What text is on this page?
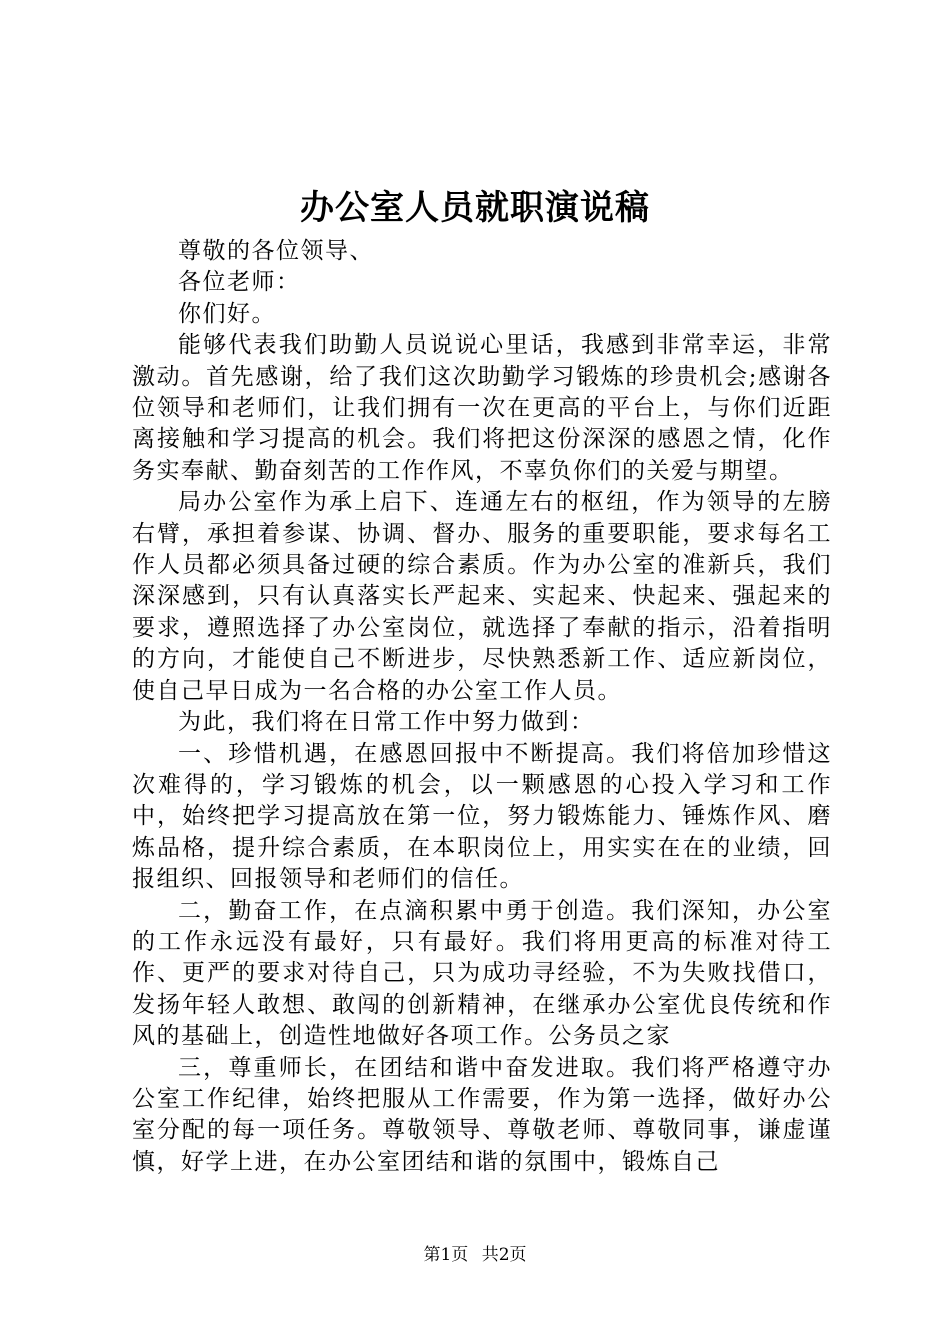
办公室人员就职演说稿

尊敬的各位领导、

各位老师：

你们好。

能够代表我们助勤人员说说心里话，我感到非常幸运，非常激动。首先感谢，给了我们这次助勤学习锻炼的珍贵机会;感谢各位领导和老师们，让我们拥有一次在更高的平台上，与你们近距离接触和学习提高的机会。我们将把这份深深的感恩之情，化作务实奉献、勤奋刻苦的工作作风，不辜负你们的关爱与期望。

局办公室作为承上启下、连通左右的枢纽，作为领导的左膀右臂，承担着参谋、协调、督办、服务的重要职能，要求每名工作人员都必须具备过硬的综合素质。作为办公室的准新兵，我们深深感到，只有认真落实长严起来、实起来、快起来、强起来的要求，遵照选择了办公室岗位，就选择了奉献的指示，沿着指明的方向，才能使自己不断进步，尽快熟悉新工作、适应新岗位，使自己早日成为一名合格的办公室工作人员。

为此，我们将在日常工作中努力做到：

一、珍惜机遇，在感恩回报中不断提高。我们将倍加珍惜这次难得的，学习锻炼的机会，以一颗感恩的心投入学习和工作中，始终把学习提高放在第一位，努力锻炼能力、锤炼作风、磨炼品格，提升综合素质，在本职岗位上，用实实在在的业绩，回报组织、回报领导和老师们的信任。

二，勤奋工作，在点滴积累中勇于创造。我们深知，办公室的工作永远没有最好，只有最好。我们将用更高的标准对待工作、更严的要求对待自己，只为成功寻经验，不为失败找借口，发扬年轻人敢想、敢闯的创新精神，在继承办公室优良传统和作风的基础上，创造性地做好各项工作。公务员之家

三，尊重师长，在团结和谐中奋发进取。我们将严格遵守办公室工作纪律，始终把服从工作需要，作为第一选择，做好办公室分配的每一项任务。尊敬领导、尊敬老师、尊敬同事，谦虚谨慎，好学上进，在办公室团结和谐的氛围中，锻炼自己

第1页 共2页
